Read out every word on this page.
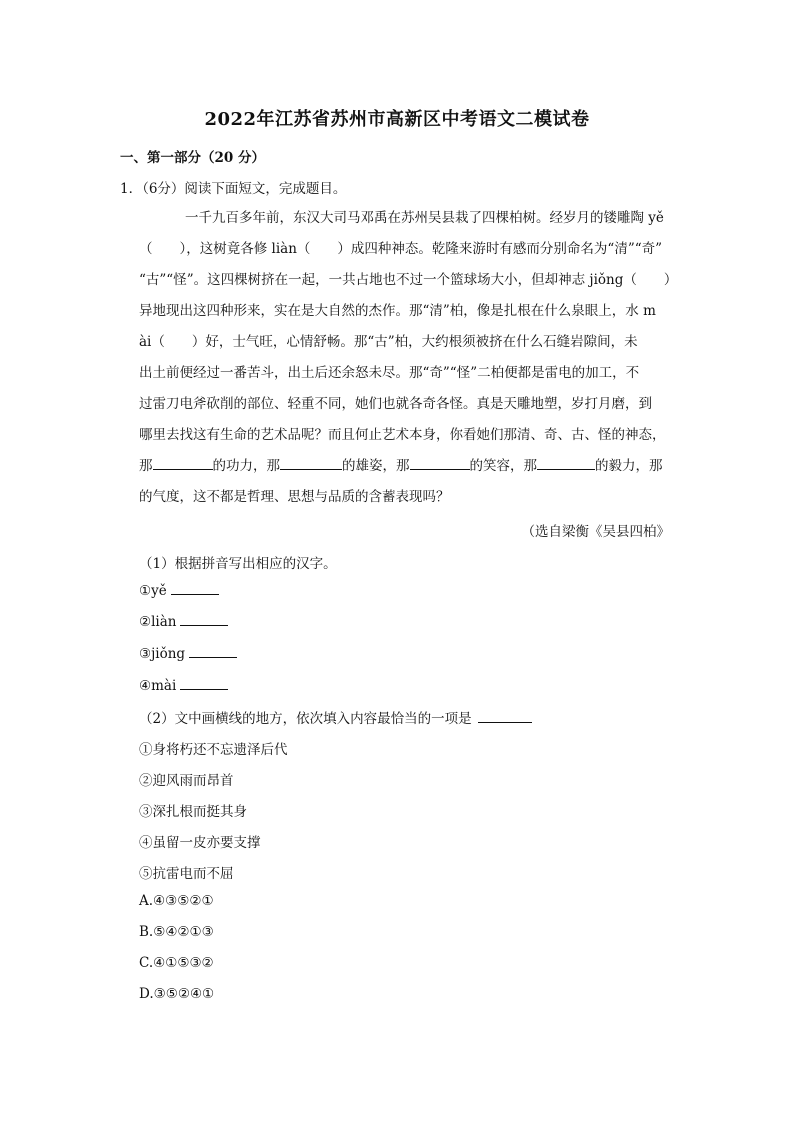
2022年江苏省苏州市高新区中考语文二模试卷
一、第一部分（20 分）
1．（6分）阅读下面短文，完成题目。
一千九百多年前，东汉大司马邓禹在苏州吴县栽了四棵柏树。经岁月的镂雕陶 yě
（　　），这树竟各修 liàn（　　）成四种神态。乾隆来游时有感而分别命名为“清”“奇”
“古”“怪”。这四棵树挤在一起，一共占地也不过一个篮球场大小，但却神志 jiǒng（　　）
异地现出这四种形来，实在是大自然的杰作。那“清”柏，像是扎根在什么泉眼上，水 m
ài（　　）好，士气旺，心情舒畅。那“古”柏，大约根须被挤在什么石缝岩隙间，未
出土前便经过一番苦斗，出土后还余怒未尽。那“奇”“怪”二柏便都是雷电的加工，不
过雷刀电斧砍削的部位、轻重不同，她们也就各奇各怪。真是天雕地塑，岁打月磨，到
哪里去找这有生命的艺术品呢？而且何止艺术本身，你看她们那清、奇、古、怪的神态，
那	的功力，那	的雄姿，那	的笑容，那	的毅力，那
的气度，这不都是哲理、思想与品质的含蓄表现吗？
（选自梁衡《吴县四柏》
（1）根据拼音写出相应的汉字。
①yě
②liàn
③jiǒng
④mài
（2）文中画横线的地方，依次填入内容最恰当的一项是
①身将朽还不忘遗泽后代
②迎风雨而昂首
③深扎根而挺其身
④虽留一皮亦要支撑
⑤抗雷电而不屈
A.④③⑤②①
B.⑤④②①③
C.④①⑤③②
D.③⑤②④①
